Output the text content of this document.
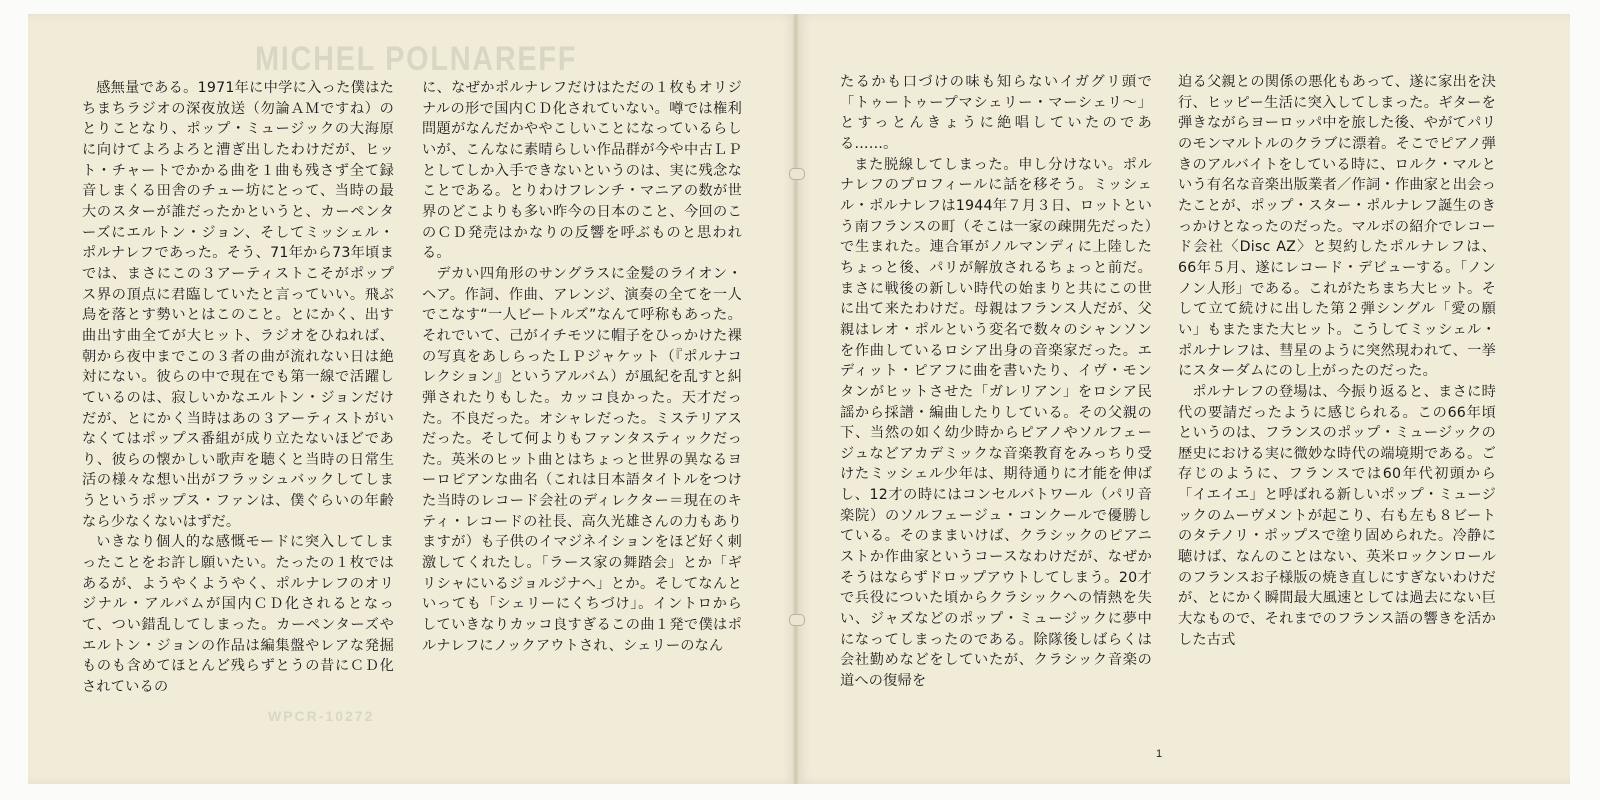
MICHEL POLNAREFF
WPCR-10272

感無量である。1971年に中学に入った僕はたちまちラジオの深夜放送（勿論ＡＭですね）のとりことなり、ポップ・ミュージックの大海原に向けてよろよろと漕ぎ出したわけだが、ヒット・チャートでかかる曲を１曲も残さず全て録音しまくる田舎のチュー坊にとって、当時の最大のスターが誰だったかというと、カーペンターズにエルトン・ジョン、そしてミッシェル・ポルナレフであった。そう、71年から73年頃までは、まさにこの３アーティストこそがポップス界の頂点に君臨していたと言っていい。飛ぶ鳥を落とす勢いとはこのこと。とにかく、出す曲出す曲全てが大ヒット、ラジオをひねれば、朝から夜中までこの３者の曲が流れない日は絶対にない。彼らの中で現在でも第一線で活躍しているのは、寂しいかなエルトン・ジョンだけだが、とにかく当時はあの３アーティストがいなくてはポップス番組が成り立たないほどであり、彼らの懐かしい歌声を聴くと当時の日常生活の様々な想い出がフラッシュバックしてしまうというポップス・ファンは、僕ぐらいの年齢なら少なくないはずだ。

いきなり個人的な感慨モードに突入してしまったことをお許し願いたい。たったの１枚ではあるが、ようやくようやく、ポルナレフのオリジナル・アルバムが国内ＣＤ化されるとなって、つい錯乱してしまった。カーペンターズやエルトン・ジョンの作品は編集盤やレアな発掘ものも含めてほとんど残らずとうの昔にＣＤ化されているの

に、なぜかポルナレフだけはただの１枚もオリジナルの形で国内ＣＤ化されていない。噂では権利問題がなんだかややこしいことになっているらしいが、こんなに素晴らしい作品群が今や中古ＬＰとしてしか入手できないというのは、実に残念なことである。とりわけフレンチ・マニアの数が世界のどこよりも多い昨今の日本のこと、今回のこのＣＤ発売はかなりの反響を呼ぶものと思われる。

デカい四角形のサングラスに金髪のライオン・ヘア。作詞、作曲、アレンジ、演奏の全てを一人でこなす“一人ビートルズ”なんて呼称もあった。それでいて、己がイチモツに帽子をひっかけた裸の写真をあしらったＬＰジャケット（『ポルナコレクション』というアルバム）が風紀を乱すと糾弾されたりもした。カッコ良かった。天才だった。不良だった。オシャレだった。ミステリアスだった。そして何よりもファンタスティックだった。英米のヒット曲とはちょっと世界の異なるヨーロピアンな曲名（これは日本語タイトルをつけた当時のレコード会社のディレクター＝現在のキティ・レコードの社長、高久光雄さんの力もありますが）も子供のイマジネイションをほど好く刺激してくれたし。「ラース家の舞踏会」とか「ギリシャにいるジョルジナへ」とか。そしてなんといっても「シェリーにくちづけ」。イントロからしていきなりカッコ良すぎるこの曲１発で僕はポルナレフにノックアウトされ、シェリーのなん

たるかも口づけの味も知らないイガグリ頭で「トゥートゥープマシェリー・マーシェリ〜」とすっとんきょうに絶唱していたのである……。

また脱線してしまった。申し分けない。ポルナレフのプロフィールに話を移そう。ミッシェル・ポルナレフは1944年７月３日、ロットという南フランスの町（そこは一家の疎開先だった）で生まれた。連合軍がノルマンディに上陸したちょっと後、パリが解放されるちょっと前だ。まさに戦後の新しい時代の始まりと共にこの世に出て来たわけだ。母親はフランス人だが、父親はレオ・ポルという変名で数々のシャンソンを作曲しているロシア出身の音楽家だった。エディット・ピアフに曲を書いたり、イヴ・モンタンがヒットさせた「ガレリアン」をロシア民謡から採譜・編曲したりしている。その父親の下、当然の如く幼少時からピアノやソルフェージュなどアカデミックな音楽教育をみっちり受けたミッシェル少年は、期待通りに才能を伸ばし、12才の時にはコンセルバトワール（パリ音楽院）のソルフェージュ・コンクールで優勝している。そのままいけば、クラシックのピアニストか作曲家というコースなわけだが、なぜかそうはならずドロップアウトしてしまう。20才で兵役についた頃からクラシックへの情熱を失い、ジャズなどのポップ・ミュージックに夢中になってしまったのである。除隊後しばらくは会社勤めなどをしていたが、クラシック音楽の道への復帰を

迫る父親との関係の悪化もあって、遂に家出を決行、ヒッピー生活に突入してしまった。ギターを弾きながらヨーロッパ中を旅した後、やがてパリのモンマルトルのクラブに漂着。そこでピアノ弾きのアルバイトをしている時に、ロルク・マルという有名な音楽出版業者／作詞・作曲家と出会ったことが、ポップ・スター・ポルナレフ誕生のきっかけとなったのだった。マルボの紹介でレコード会社〈Disc AZ〉と契約したポルナレフは、66年５月、遂にレコード・デビューする。「ノンノン人形」である。これがたちまち大ヒット。そして立て続けに出した第２弾シングル「愛の願い」もまたまた大ヒット。こうしてミッシェル・ポルナレフは、彗星のように突然現われて、一挙にスターダムにのし上がったのだった。

ポルナレフの登場は、今振り返ると、まさに時代の要請だったように感じられる。この66年頃というのは、フランスのポップ・ミュージックの歴史における実に微妙な時代の端境期である。ご存じのように、フランスでは60年代初頭から「イエイエ」と呼ばれる新しいポップ・ミュージックのムーヴメントが起こり、右も左も８ビートのタテノリ・ポップスで塗り固められた。冷静に聴けば、なんのことはない、英米ロックンロールのフランスお子様版の焼き直しにすぎないわけだが、とにかく瞬間最大風速としては過去にない巨大なもので、それまでのフランス語の響きを活かした古式

1
